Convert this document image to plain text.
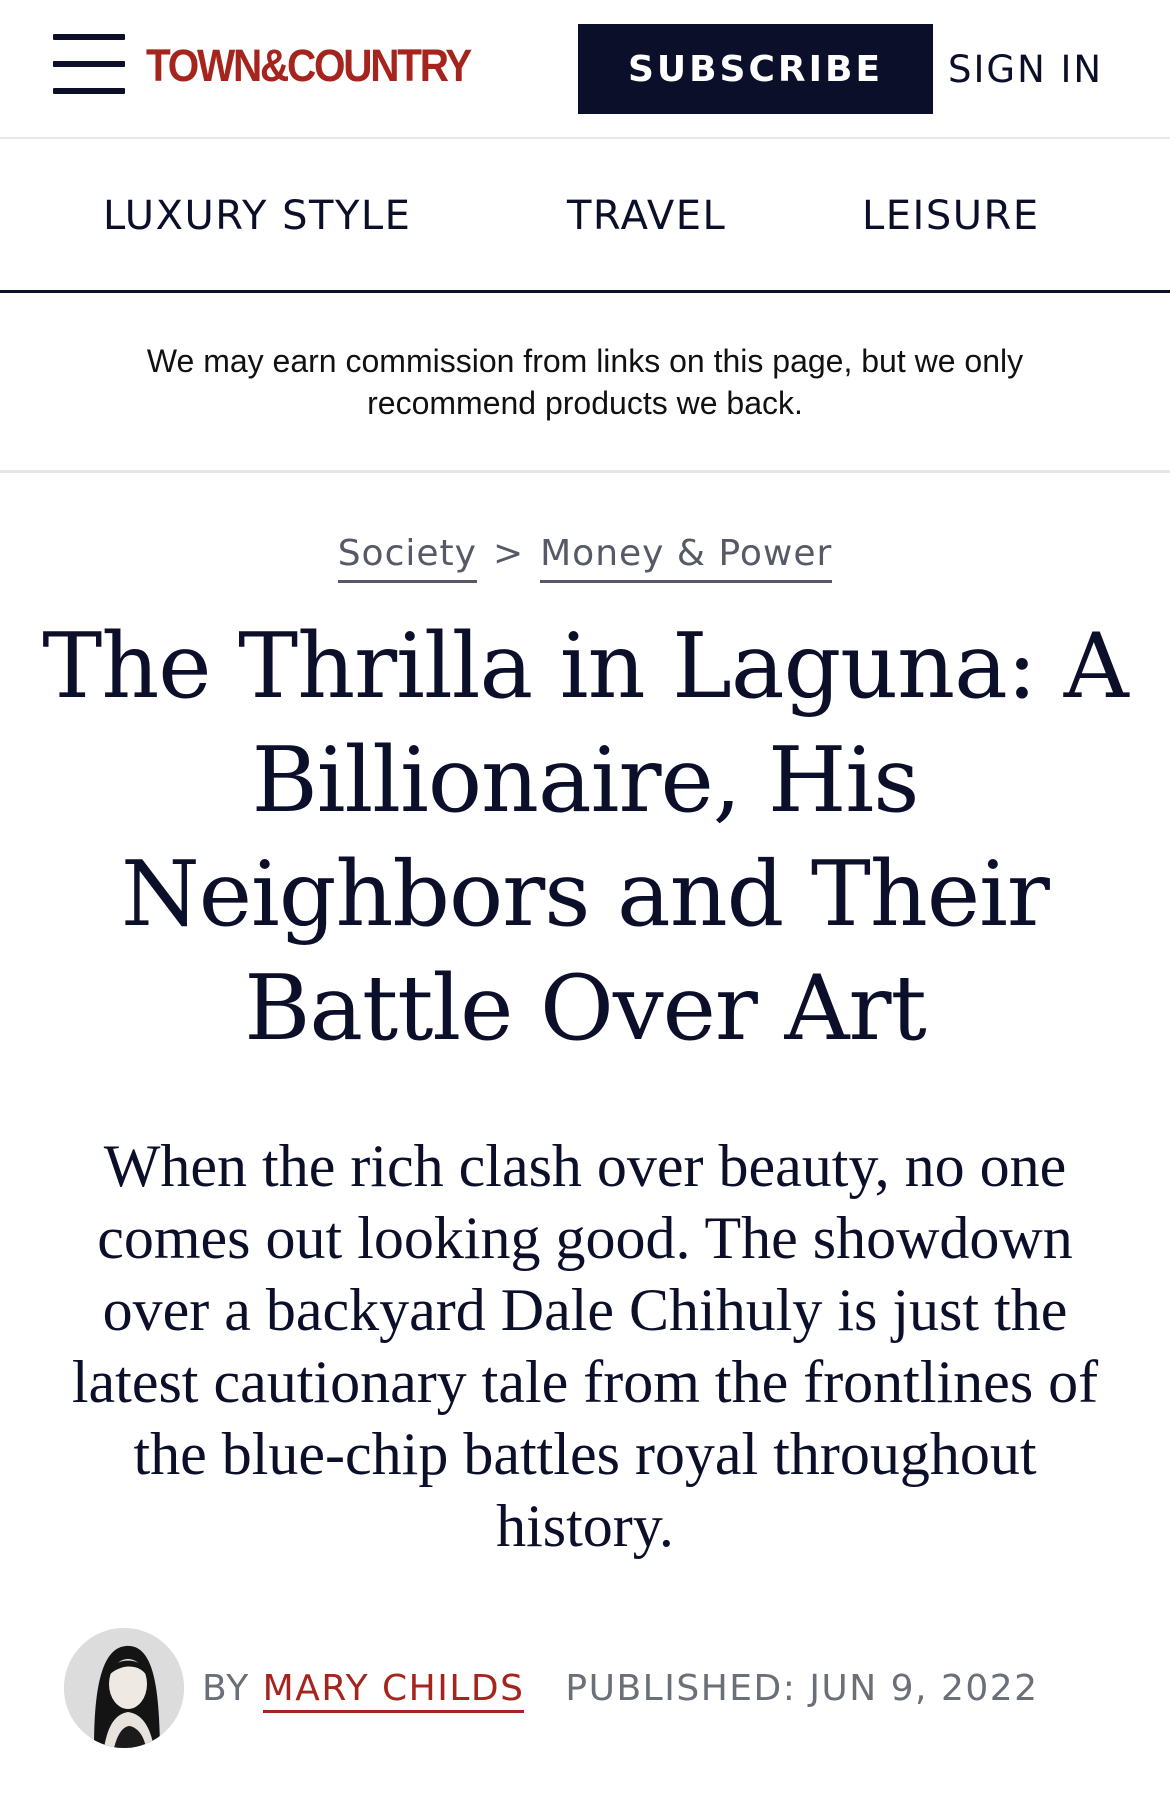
TOWN&COUNTRY	SUBSCRIBE	SIGN IN
LUXURY STYLE	TRAVEL	LEISURE

We may earn commission from links on this page, but we only recommend products we back.

Society > Money & Power
The Thrilla in Laguna: A Billionaire, His Neighbors and Their Battle Over Art

When the rich clash over beauty, no one comes out looking good. The showdown over a backyard Dale Chihuly is just the latest cautionary tale from the frontlines of the blue-chip battles royal throughout history.

BY MARY CHILDS PUBLISHED: JUN 9, 2022
